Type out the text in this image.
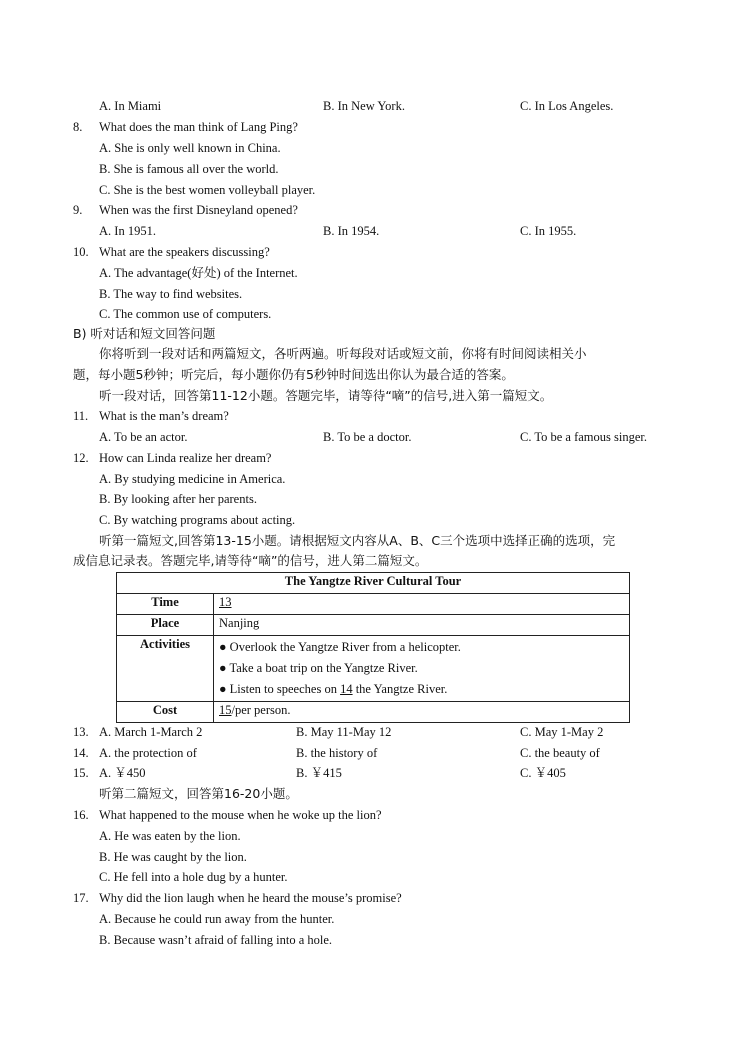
A. In Miami	B. In New York.	C. In Los Angeles.
8. What does the man think of Lang Ping?
A. She is only well known in China.
B. She is famous all over the world.
C. She is the best women volleyball player.
9. When was the first Disneyland opened?
A. In 1951.	B. In 1954.	C. In 1955.
10. What are the speakers discussing?
A. The advantage(好处) of the Internet.
B. The way to find websites.
C. The common use of computers.
B) 听对话和短文回答问题
你将听到一段对话和两篇短文，各听两遍。听每段对话或短文前，你将有时间阅读相关小
题，每小题5秒钟；听完后，每小题你仍有5秒钟时间选出你认为最合适的答案。
听一段对话，回答第11-12小题。答题完毕，请等待“嘀”的信号,进入第一篇短文。
11. What is the man’s dream?
A. To be an actor.	B. To be a doctor.	C. To be a famous singer.
12. How can Linda realize her dream?
A. By studying medicine in America.
B. By looking after her parents.
C. By watching programs about acting.
听第一篇短文,回答第13-15小题。请根据短文内容从A、B、C三个选项中选择正确的选项，完
成信息记录表。答题完毕,请等待“嘀”的信号，进人第二篇短文。
The Yangtze River Cultural Tour	
Time	13
Place	Nanjing
Activities	● Overlook the Yangtze River from a helicopter.
● Take a boat trip on the Yangtze River.
● Listen to speeches on 14 the Yangtze River.

Cost	15/per person.
13. A. March 1-March 2	B. May 11-May 12	C. May 1-May 2
14. A. the protection of	B. the history of	C. the beauty of
15. A. ￥450	B. ￥415	C. ￥405
听第二篇短文，回答第16-20小题。
16. What happened to the mouse when he woke up the lion?
A. He was eaten by the lion.
B. He was caught by the lion.
C. He fell into a hole dug by a hunter.
17. Why did the lion laugh when he heard the mouse’s promise?
A. Because he could run away from the hunter.
B. Because wasn’t afraid of falling into a hole.
